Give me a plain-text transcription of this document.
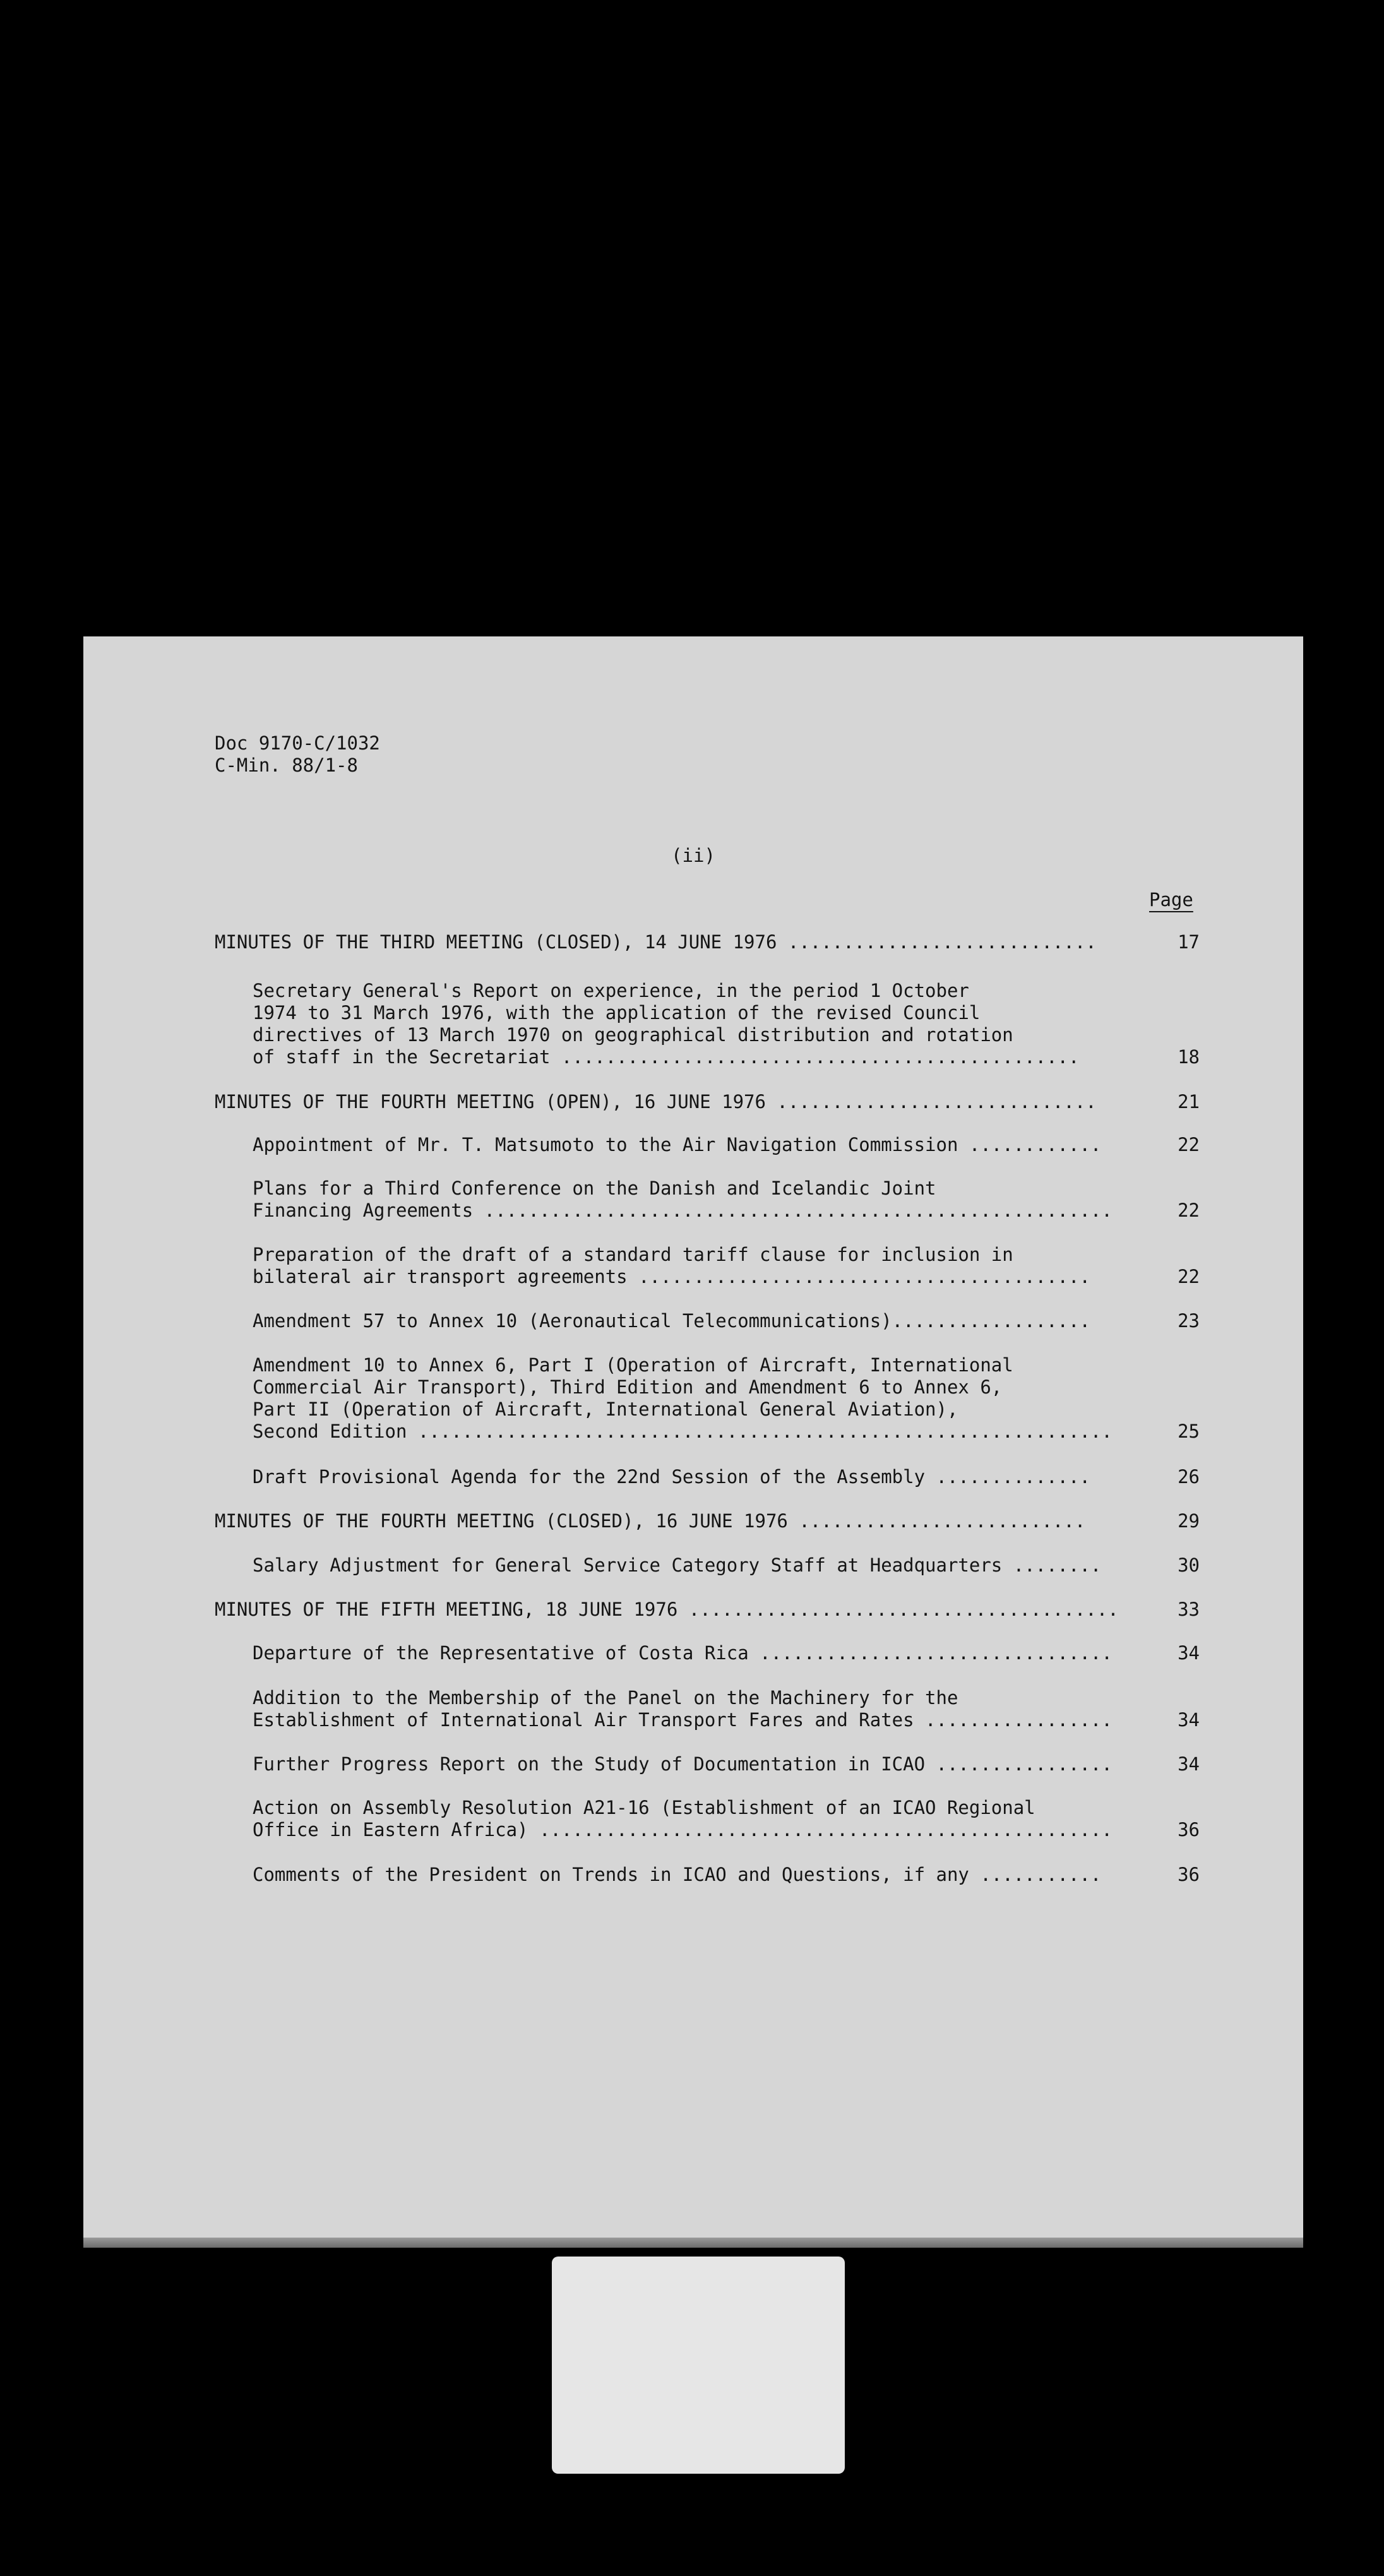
Doc 9170-C/1032
C-Min. 88/1-8
(ii)
Page
MINUTES OF THE THIRD MEETING (CLOSED), 14 JUNE 1976 ............................	17
Secretary General's Report on experience, in the period 1 October
1974 to 31 March 1976, with the application of the revised Council
directives of 13 March 1970 on geographical distribution and rotation
of staff in the Secretariat ...............................................	18
MINUTES OF THE FOURTH MEETING (OPEN), 16 JUNE 1976 .............................	21
Appointment of Mr. T. Matsumoto to the Air Navigation Commission ............	22
Plans for a Third Conference on the Danish and Icelandic Joint
Financing Agreements .........................................................	22
Preparation of the draft of a standard tariff clause for inclusion in
bilateral air transport agreements .........................................	22
Amendment 57 to Annex 10 (Aeronautical Telecommunications)..................	23
Amendment 10 to Annex 6, Part I (Operation of Aircraft, International
Commercial Air Transport), Third Edition and Amendment 6 to Annex 6,
Part II (Operation of Aircraft, International General Aviation),
Second Edition ...............................................................	25
Draft Provisional Agenda for the 22nd Session of the Assembly ..............	26
MINUTES OF THE FOURTH MEETING (CLOSED), 16 JUNE 1976 ..........................	29
Salary Adjustment for General Service Category Staff at Headquarters ........	30
MINUTES OF THE FIFTH MEETING, 18 JUNE 1976 .......................................	33
Departure of the Representative of Costa Rica ................................	34
Addition to the Membership of the Panel on the Machinery for the
Establishment of International Air Transport Fares and Rates .................	34
Further Progress Report on the Study of Documentation in ICAO ................	34
Action on Assembly Resolution A21-16 (Establishment of an ICAO Regional
Office in Eastern Africa) ....................................................	36
Comments of the President on Trends in ICAO and Questions, if any ...........	36
